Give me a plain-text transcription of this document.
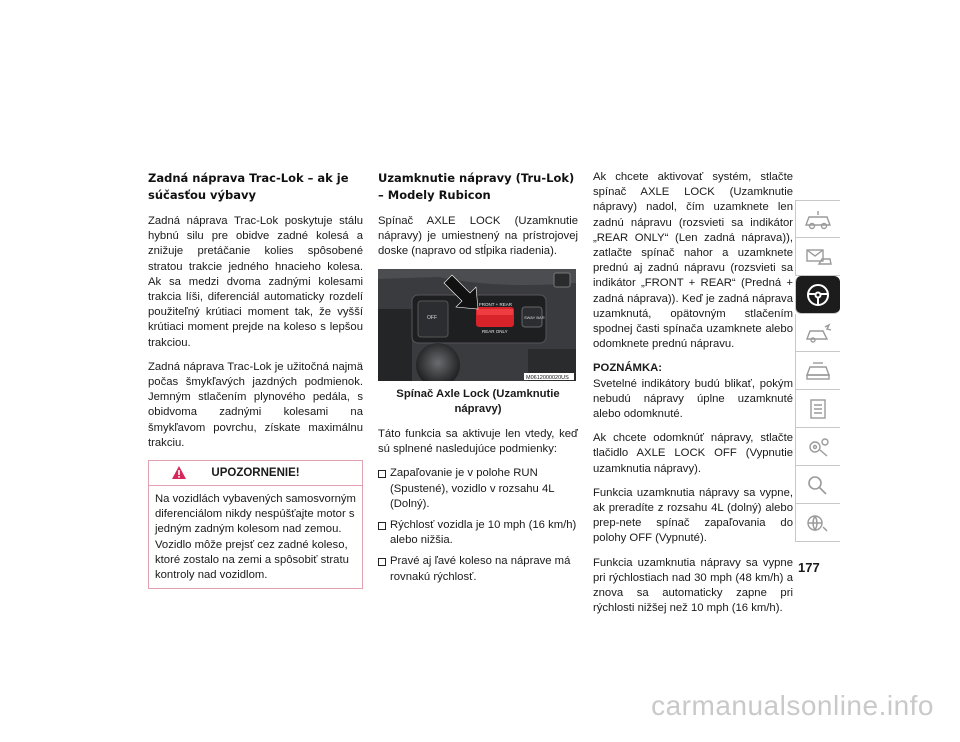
Zadná náprava Trac-Lok – ak je súčasťou výbavy

Zadná náprava Trac-Lok poskytuje stálu hybnú silu pre obidve zadné kolesá a znižuje pretáčanie kolies spôsobené stratou trakcie jedného hnacieho kolesa. Ak sa medzi dvoma zadnými kolesami trakcia líši, diferenciál automaticky rozdelí použiteľný krútiaci moment tak, že vyšší krútiaci moment prejde na koleso s lepšou trakciou.

Zadná náprava Trac-Lok je užitočná najmä počas šmykľavých jazdných podmienok. Jemným stlačením plynového pedála, s obidvoma zadnými kolesami na šmykľavom povrchu, získate maximálnu trakciu.

UPOZORNENIE!
Na vozidlách vybavených samosvorným diferenciálom nikdy nespúšťajte motor s jedným zadným kolesom nad zemou. Vozidlo môže prejsť cez zadné koleso, ktoré zostalo na zemi a spôsobiť stratu kontroly nad vozidlom.
Uzamknutie nápravy (Tru-Lok) – Modely Rubicon

Spínač AXLE LOCK (Uzamknutie nápravy) je umiestnený na prístrojovej doske (napravo od stĺpika riadenia).

OFF
FRONT + REAR
REAR ONLY
SWAY BAR
M0612000020US

Spínač Axle Lock (Uzamknutie nápravy)

Táto funkcia sa aktivuje len vtedy, keď sú splnené nasledujúce podmienky:

Zapaľovanie je v polohe RUN (Spustené), vozidlo v rozsahu 4L (Dolný).
Rýchlosť vozidla je 10 mph (16 km/h) alebo nižšia.
Pravé aj ľavé koleso na náprave má rovnakú rýchlosť.

Ak chcete aktivovať systém, stlačte spínač AXLE LOCK (Uzamknutie nápravy) nadol, čím uzamknete len zadnú nápravu (rozsvieti sa indikátor „REAR ONLY“ (Len zadná náprava)), zatlačte spínač nahor a uzamknete prednú aj zadnú nápravu (rozsvieti sa indikátor „FRONT + REAR“ (Predná + zadná náprava)). Keď je zadná náprava uzamknutá, opätovným stlačením spodnej časti spínača uzamknete alebo odomknete prednú nápravu.

POZNÁMKA:

Svetelné indikátory budú blikať, pokým nebudú nápravy úplne uzamknuté alebo odomknuté.

Ak chcete odomknúť nápravy, stlačte tlačidlo AXLE LOCK OFF (Vypnutie uzamknutia nápravy).

Funkcia uzamknutia nápravy sa vypne, ak preradíte z rozsahu 4L (dolný) alebo prep-nete spínač zapaľovania do polohy OFF (Vypnuté).

Funkcia uzamknutia nápravy sa vypne pri rýchlostiach nad 30 mph (48 km/h) a znova sa automaticky zapne pri rýchlosti nižšej než 10 mph (16 km/h).

177
carmanualsonline.info
